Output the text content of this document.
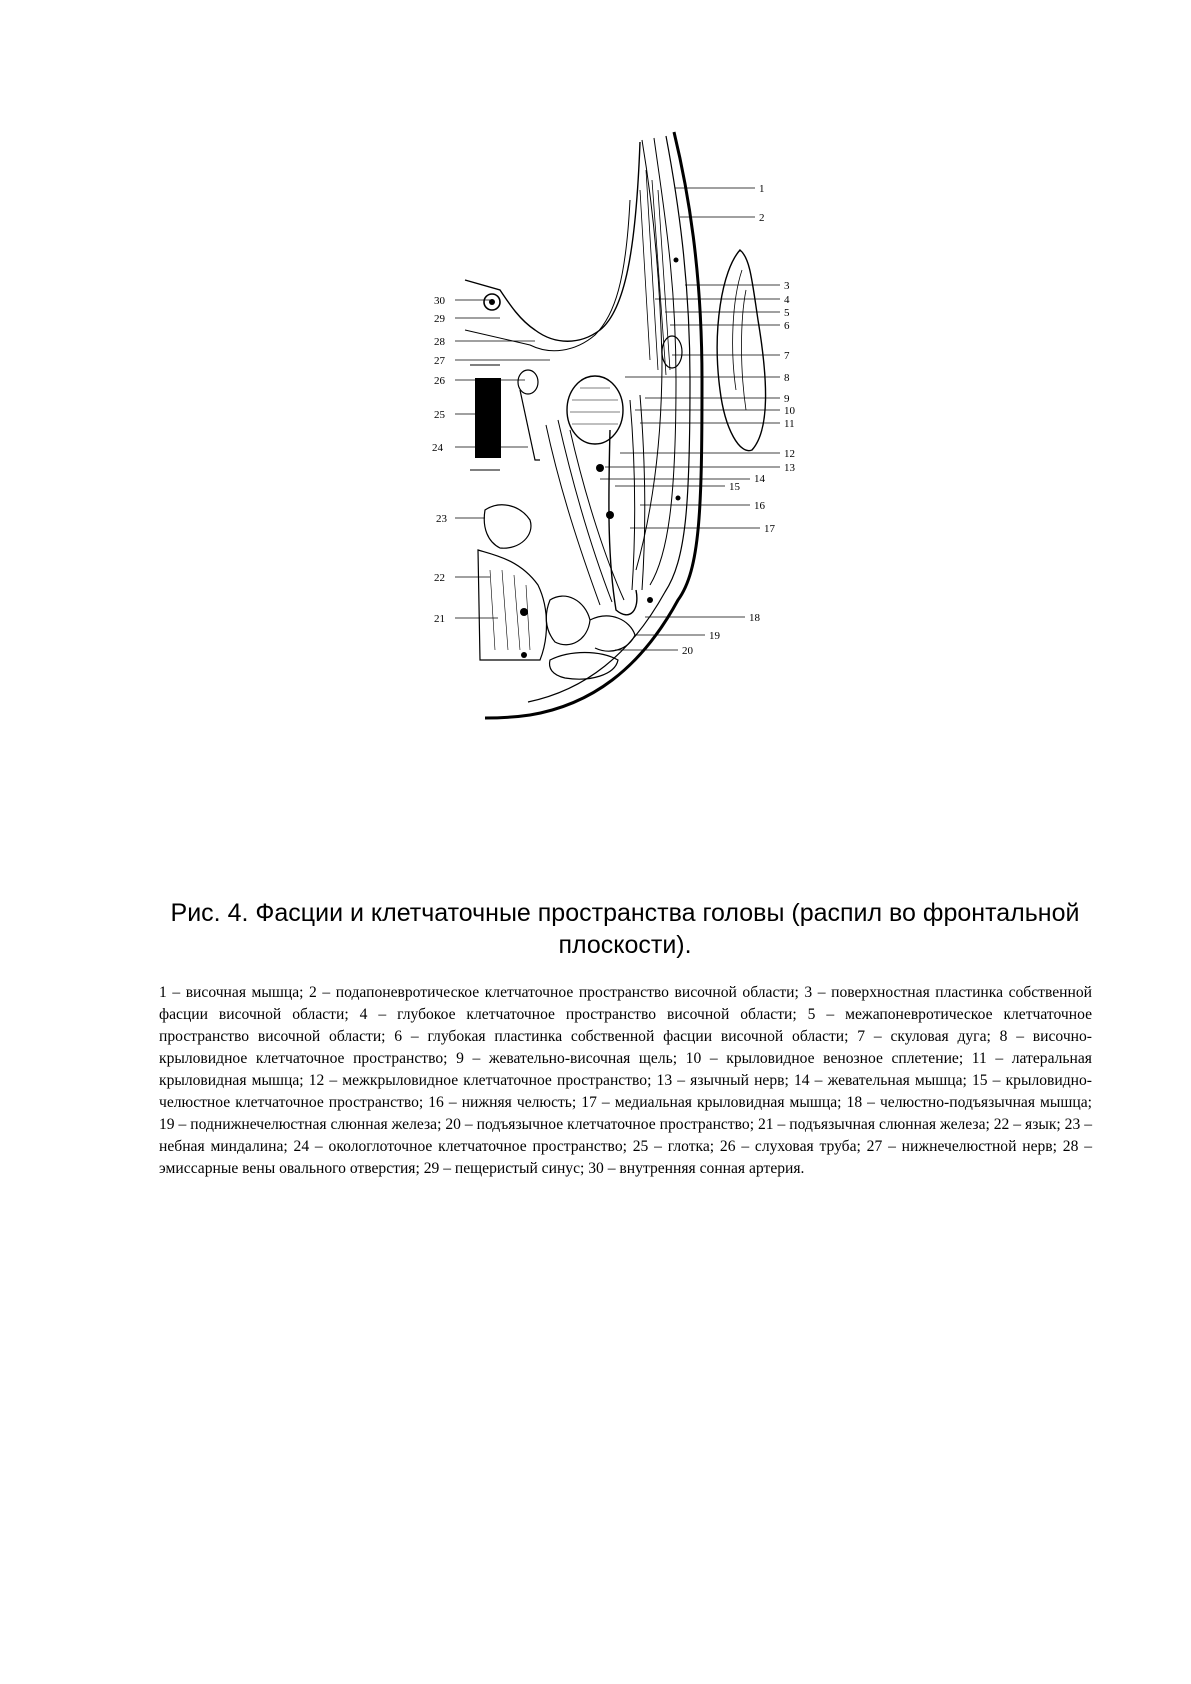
1
2
3
4
5
6
7
8
9
10
11
12
13
14
15
16
17
18
19
20
30
29
28
27
26
25
24
23
22
21
Рис. 4. Фасции и клетчаточные пространства головы (распил во фронтальной плоскости).
1 – височная мышца; 2 – подапоневротическое клетчаточное пространство височной области; 3 – поверхностная пластинка собственной фасции височной области; 4 – глубокое клетчаточное пространство височной области; 5 – межапоневротическое клетчаточное пространство височной области; 6 – глубокая пластинка собственной фасции височной области; 7 – скуловая дуга; 8 – височно-крыловидное клетчаточное пространство; 9 – жевательно-височная щель; 10 – крыловидное венозное сплетение; 11 – латеральная крыловидная мышца; 12 – межкрыловидное клетчаточное пространство; 13 – язычный нерв; 14 – жевательная мышца; 15 – крыловидно-челюстное клетчаточное пространство; 16 – нижняя челюсть; 17 – медиальная крыловидная мышца; 18 – челюстно-подъязычная мышца; 19 – поднижнечелюстная слюнная железа; 20 – подъязычное клетчаточное пространство; 21 – подъязычная слюнная железа; 22 – язык; 23 – небная миндалина; 24 – окологлоточное клетчаточное пространство; 25 – глотка; 26 – слуховая труба; 27 – нижнечелюстной нерв; 28 – эмиссарные вены овального отверстия; 29 – пещеристый синус; 30 – внутренняя сонная артерия.
